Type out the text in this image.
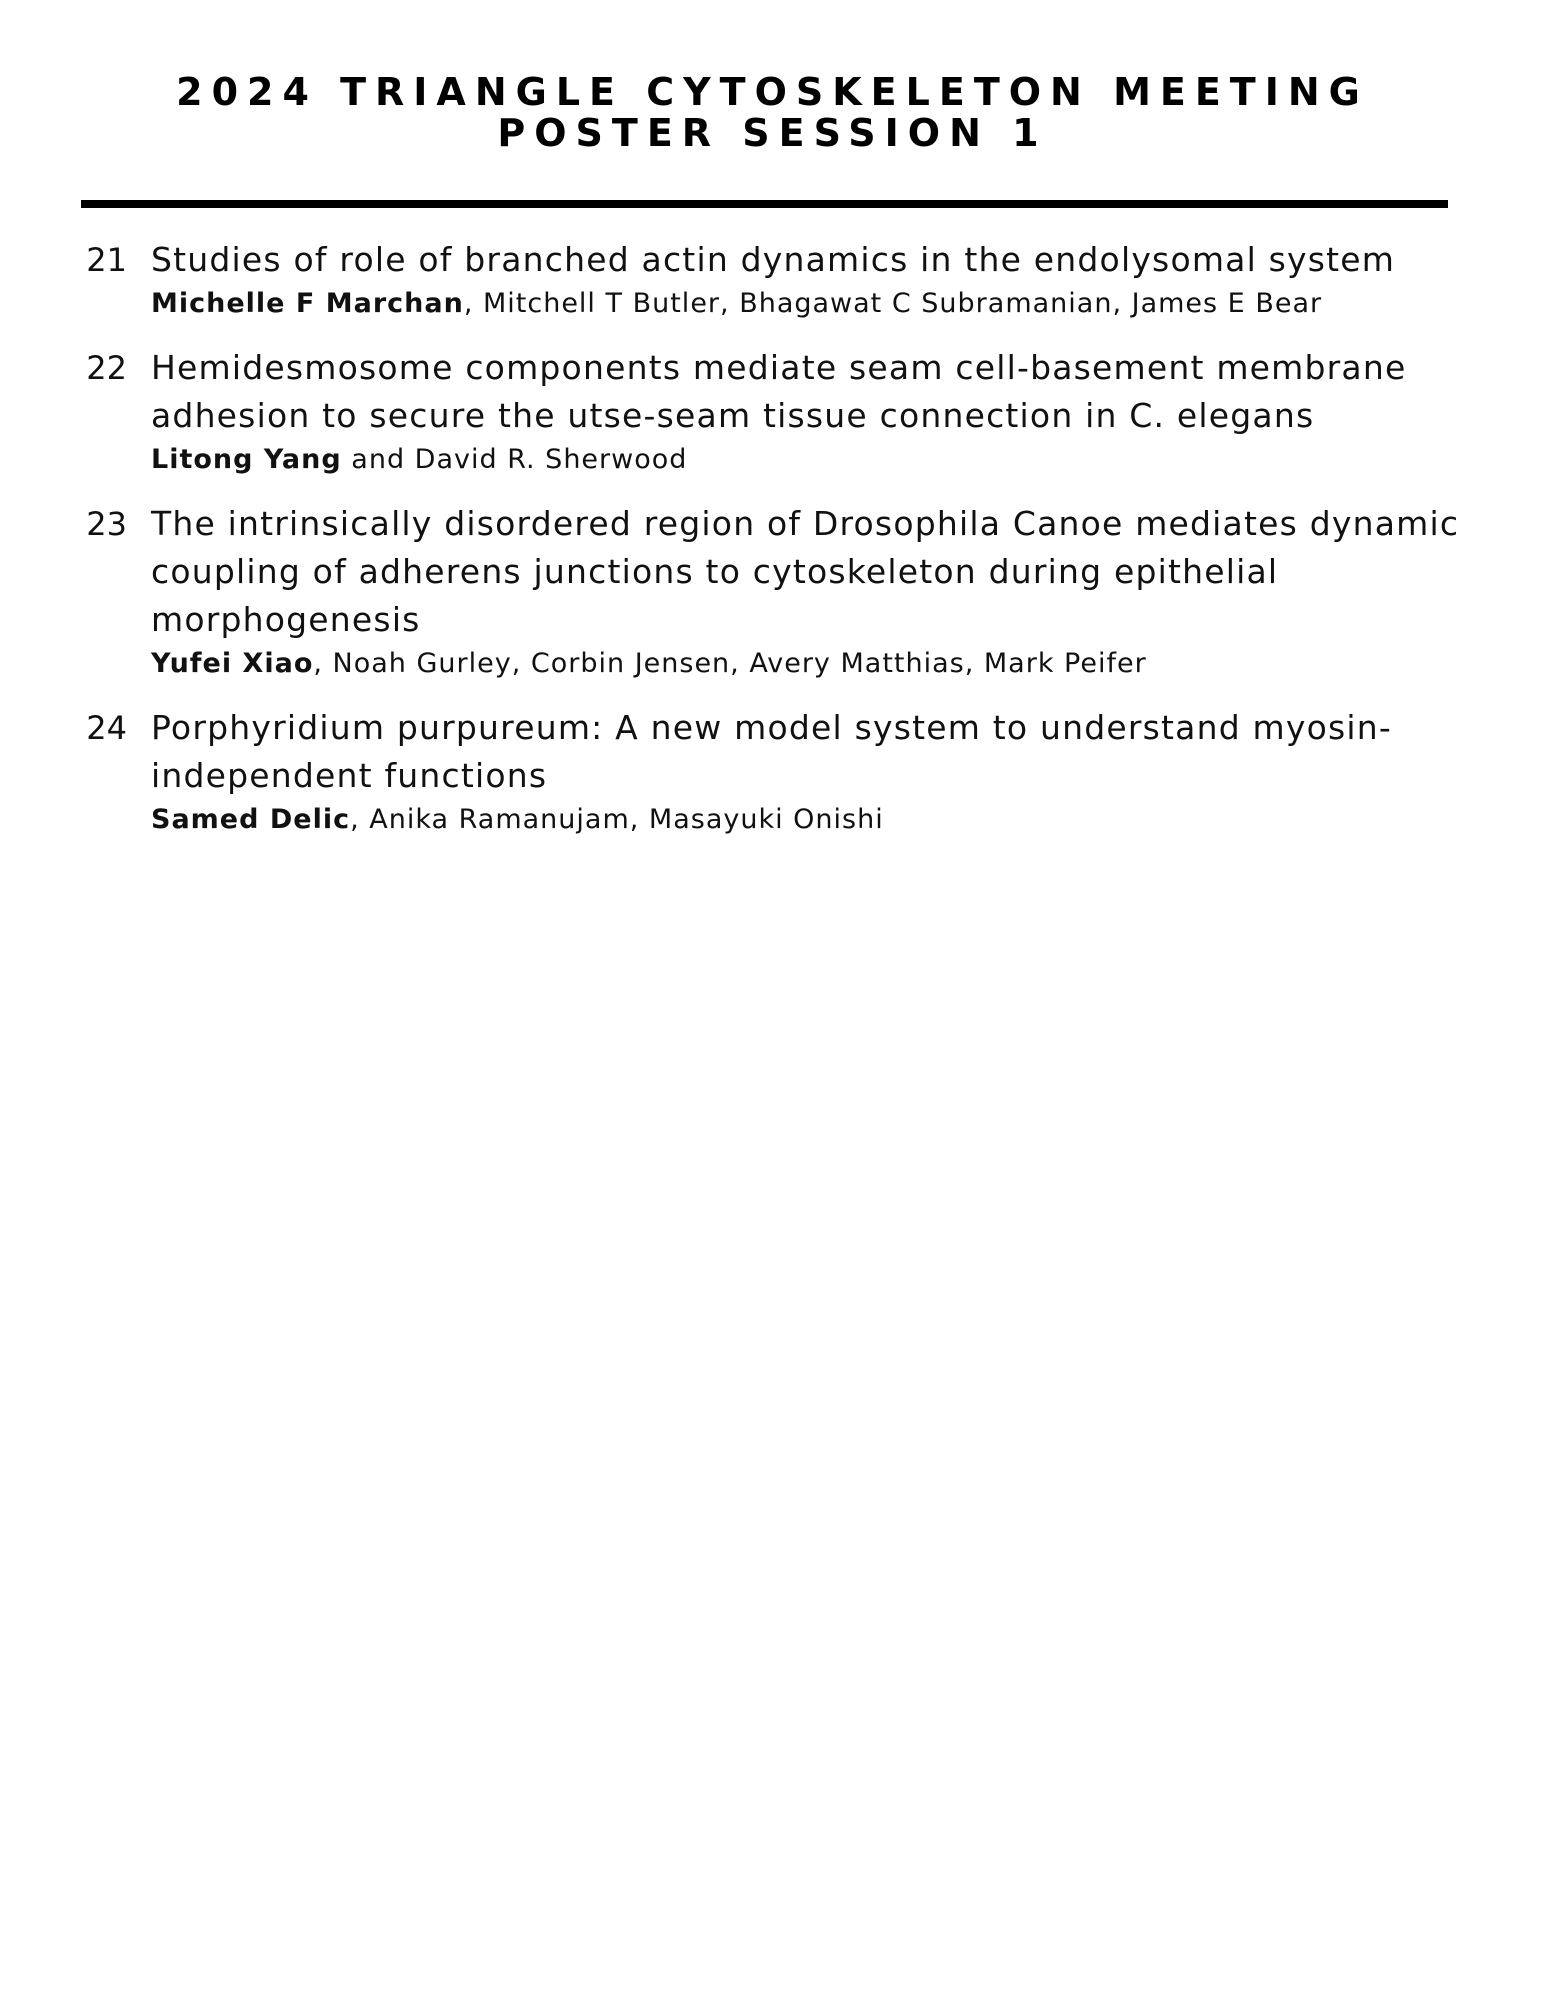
2024 TRIANGLE CYTOSKELETON MEETING
POSTER SESSION 1
21 Studies of role of branched actin dynamics in the endolysomal system
Michelle F Marchan, Mitchell T Butler, Bhagawat C Subramanian, James E Bear
22 Hemidesmosome components mediate seam cell-basement membrane adhesion to secure the utse-seam tissue connection in C. elegans
Litong Yang and David R. Sherwood
23 The intrinsically disordered region of Drosophila Canoe mediates dynamic coupling of adherens junctions to cytoskeleton during epithelial morphogenesis
Yufei Xiao, Noah Gurley, Corbin Jensen, Avery Matthias, Mark Peifer
24 Porphyridium purpureum: A new model system to understand myosin-independent functions
Samed Delic, Anika Ramanujam, Masayuki Onishi
